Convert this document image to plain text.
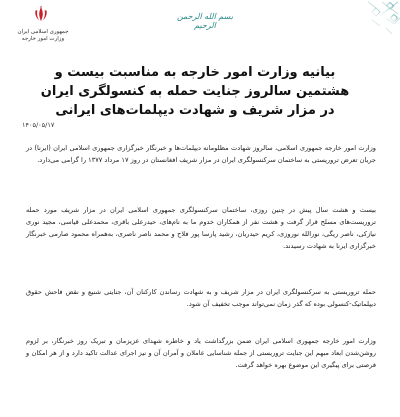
جمهوری اسلامی ایران
وزارت امور خارجه
بسم الله الرحمن الرحيم
بیانیه وزارت امور خارجه به مناسبت بیست و هشتمین سالروز جنایت حمله به کنسولگری ایران در مزار شریف و شهادت دیپلمات‌های ایرانی
۱۴۰۵/۰۵/۱۷
وزارت امور خارجه جمهوری اسلامی، سالروز شهادت مظلومانه دیپلمات‌ها و خبرنگار خبرگزاری جمهوری اسلامی ایران (ایرنا) در جریان تعرض تروریستی به ساختمان سرکنسولگری ایران در مزار شریف افغانستان در روز ۱۷ مرداد ۱۳۷۷ را گرامی می‌دارد.
بیست و هشت سال پیش در چنین روزی، ساختمان سرکنسولگری جمهوری اسلامی ایران در مزار شریف مورد حمله تروریست‌های مسلح قرار گرفت و هشت نفر از همکاران خدوم ما به نام‌های، حیدرعلی باقری، محمدعلی قیاسی، مجید نوری نیازکی، ناصر ریگی، نورالله نوروزی، کریم حیدریان، رشید پارسا پور فلاح و محمد ناصر ناصری، به‌همراه محمود صارمی خبرنگار خبرگزاری ایرنا به شهادت رسیدند.
حمله تروریستی به سرکنسولگری ایران در مزار شریف و به شهادت رساندن کارکنان آن، جنایتی شنیع و نقض فاحش حقوق دیپلماتیک-کنسولی بوده که گذر زمان نمی‌تواند موجب تخفیف آن شود.
وزارت امور خارجه جمهوری اسلامی ایران ضمن بزرگداشت یاد و خاطره شهدای عزیزمان و تبریک روز خبرنگار، بر لزوم روشن‌شدن ابعاد مبهم این جنایت تروریستی از جمله شناسایی عاملان و آمران آن و نیز اجرای عدالت تاکید دارد و از هر امکان و فرصتی برای پیگیری این موضوع بهره خواهد گرفت.
